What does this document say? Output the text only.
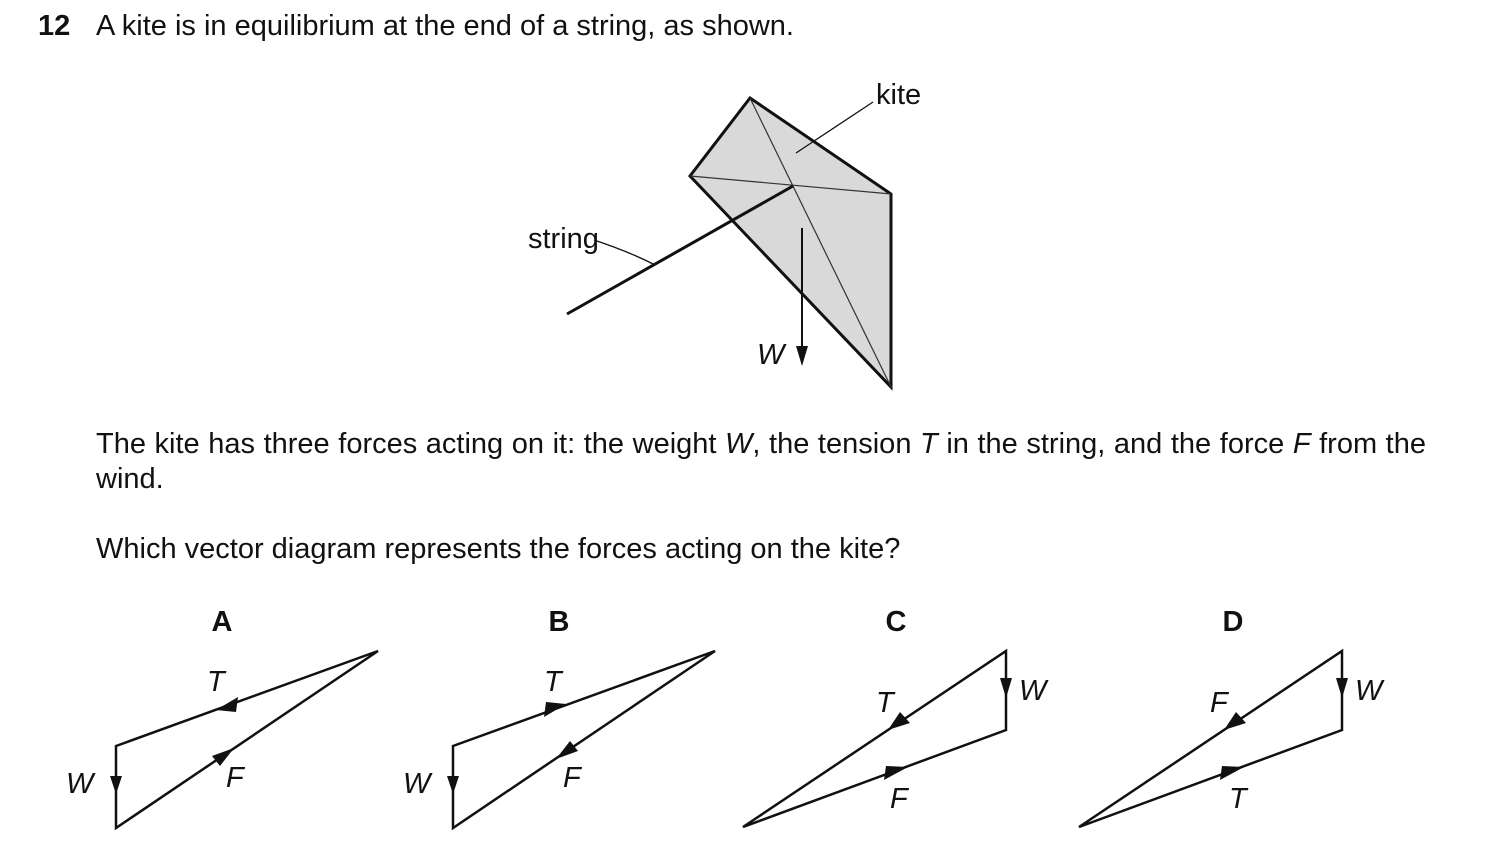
12 A kite is in equilibrium at the end of a string, as shown.
kite
string
W
A
T
W	F
B
T
W	F
C
T	W
F
D
F	W
T
The kite has three forces acting on it: the weight W, the tension T in the string, and the force F from the wind.
Which vector diagram represents the forces acting on the kite?
